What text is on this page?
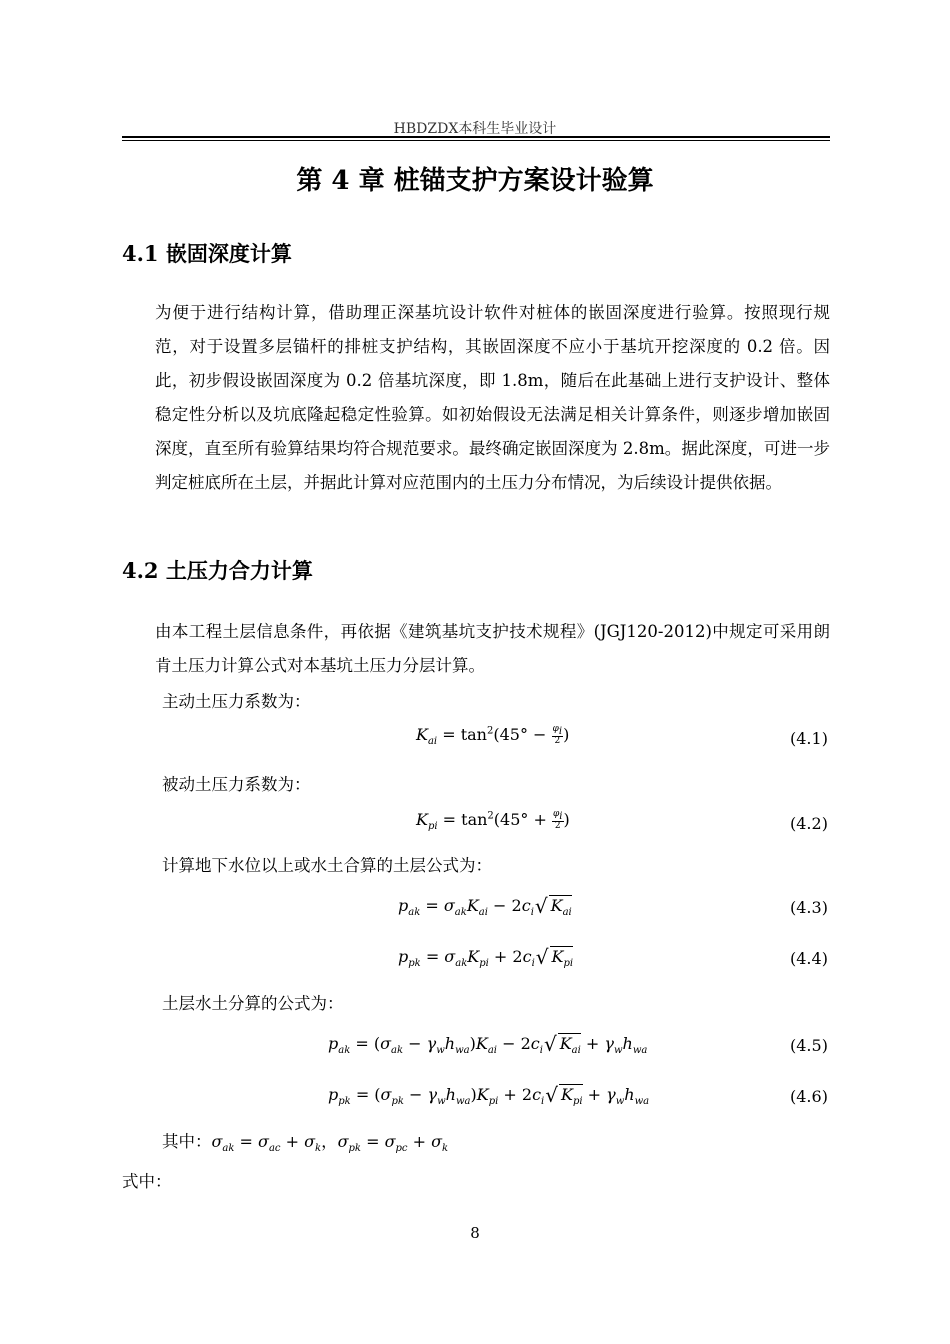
HBDZDX本科生毕业设计
第 4 章 桩锚支护方案设计验算
4.1 嵌固深度计算
为便于进行结构计算，借助理正深基坑设计软件对桩体的嵌固深度进行验算。按照现行规范，对于设置多层锚杆的排桩支护结构，其嵌固深度不应小于基坑开挖深度的 0.2 倍。因此，初步假设嵌固深度为 0.2 倍基坑深度，即 1.8m，随后在此基础上进行支护设计、整体稳定性分析以及坑底隆起稳定性验算。如初始假设无法满足相关计算条件，则逐步增加嵌固深度，直至所有验算结果均符合规范要求。最终确定嵌固深度为 2.8m。据此深度，可进一步判定桩底所在土层，并据此计算对应范围内的土压力分布情况，为后续设计提供依据。
4.2 土压力合力计算
由本工程土层信息条件，再依据《建筑基坑支护技术规程》(JGJ120-2012)中规定可采用朗肯土压力计算公式对本基坑土压力分层计算。
主动土压力系数为：
$K_{ai} = \tan^2(45^\circ - \frac{\varphi_i}{2}$ )	(4.1)
被动土压力系数为：
$K_{pi} = \tan^2(45^\circ + \frac{\varphi_i}{2}$ )	(4.2)
计算地下水位以上或水土合算的土层公式为：
$p_{ak} = \sigma_{ak}K_{ai} - 2c_i√$ $K_{ai}$	(4.3)
$p_{pk} = \sigma_{ak}K_{pi} + 2c_i√$ $K_{pi}$	(4.4)
土层水土分算的公式为：
$p_{ak} = (\sigma_{ak} - \gamma_wh_{wa})K_{ai} - 2c_i√$ $K_{ai} + \gamma_wh_{wa}$	(4.5)
$p_{pk} = (\sigma_{pk} - \gamma_wh_{wa})K_{pi} + 2c_i√$ $K_{pi} + \gamma_wh_{wa}$	(4.6)
其中：$\sigma_{ak} = \sigma_{ac} + \sigma_k$，$\sigma_{pk} = \sigma_{pc} + \sigma_k$
式中：
8
